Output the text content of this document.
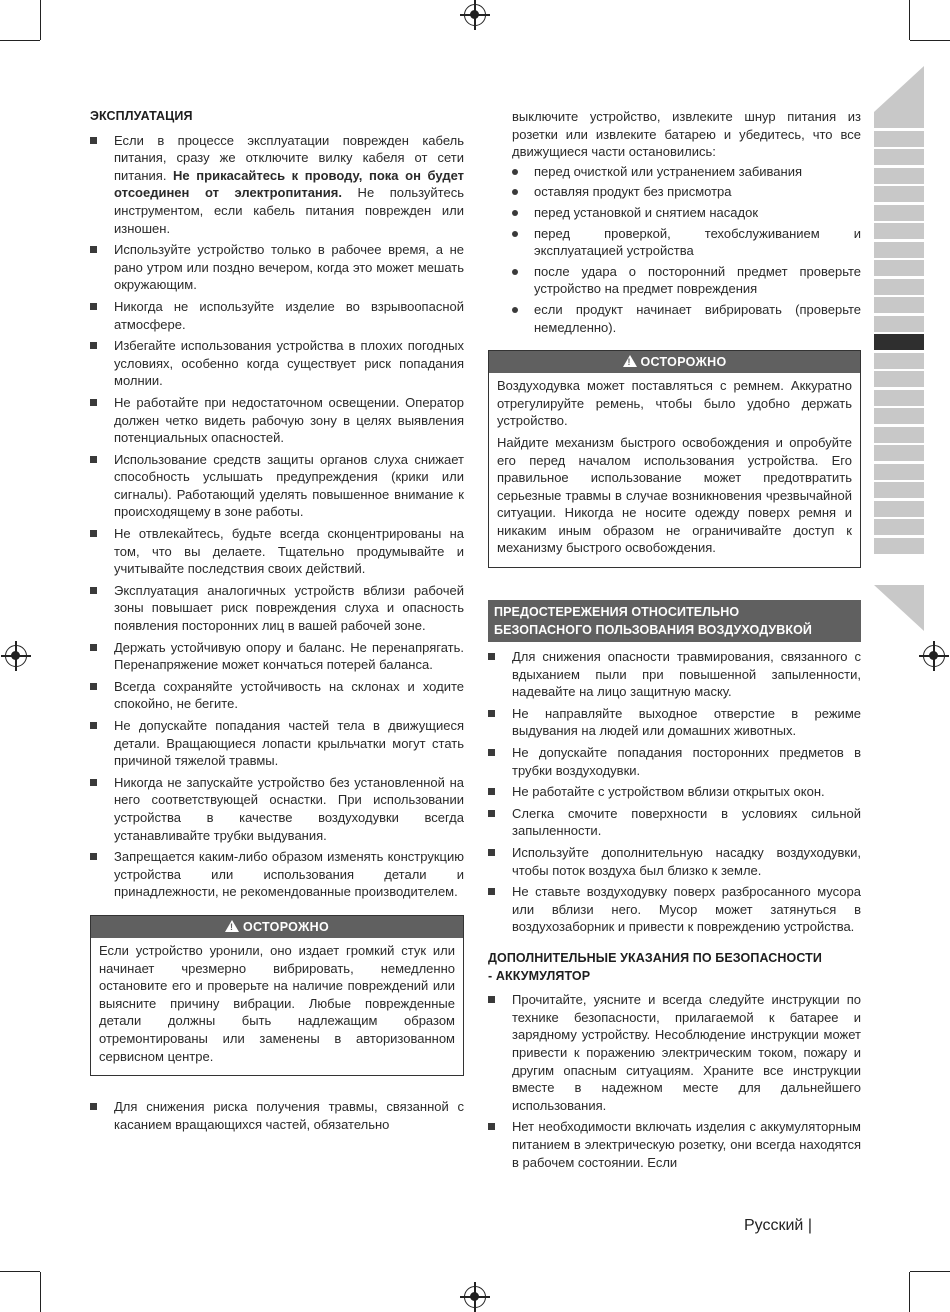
ЭКСПЛУАТАЦИЯ
Если в процессе эксплуатации поврежден кабель питания, сразу же отключите вилку кабеля от сети питания. Не прикасайтесь к проводу, пока он будет отсоединен от электропитания. Не пользуйтесь инструментом, если кабель питания поврежден или изношен.
Используйте устройство только в рабочее время, а не рано утром или поздно вечером, когда это может мешать окружающим.
Никогда не используйте изделие во взрывоопасной атмосфере.
Избегайте использования устройства в плохих погодных условиях, особенно когда существует риск попадания молнии.
Не работайте при недостаточном освещении. Оператор должен четко видеть рабочую зону в целях выявления потенциальных опасностей.
Использование средств защиты органов слуха снижает способность услышать предупреждения (крики или сигналы). Работающий уделять повышенное внимание к происходящему в зоне работы.
Не отвлекайтесь, будьте всегда сконцентрированы на том, что вы делаете. Тщательно продумывайте и учитывайте последствия своих действий.
Эксплуатация аналогичных устройств вблизи рабочей зоны повышает риск повреждения слуха и опасность появления посторонних лиц в вашей рабочей зоне.
Держать устойчивую опору и баланс. Не перенапрягать. Перенапряжение может кончаться потерей баланса.
Всегда сохраняйте устойчивость на склонах и ходите спокойно, не бегите.
Не допускайте попадания частей тела в движущиеся детали. Вращающиеся лопасти крыльчатки могут стать причиной тяжелой травмы.
Никогда не запускайте устройство без установленной на него соответствующей оснастки. При использовании устройства в качестве воздуходувки всегда устанавливайте трубки выдувания.
Запрещается каким-либо образом изменять конструкцию устройства или использования детали и принадлежности, не рекомендованные производителем.
! ОСТОРОЖНО

Если устройство уронили, оно издает громкий стук или начинает чрезмерно вибрировать, немедленно остановите его и проверьте на наличие повреждений или выясните причину вибрации. Любые поврежденные детали должны быть надлежащим образом отремонтированы или заменены в авторизованном сервисном центре.

Для снижения риска получения травмы, связанной с касанием вращающихся частей, обязательно
выключите устройство, извлеките шнур питания из розетки или извлеките батарею и убедитесь, что все движущиеся части остановились:
перед очисткой или устранением забивания
оставляя продукт без присмотра
перед установкой и снятием насадок
перед проверкой, техобслуживанием и эксплуатацией устройства
после удара о посторонний предмет проверьте устройство на предмет повреждения
если продукт начинает вибрировать (проверьте немедленно).
! ОСТОРОЖНО

Воздуходувка может поставляться с ремнем. Аккуратно отрегулируйте ремень, чтобы было удобно держать устройство.

Найдите механизм быстрого освобождения и опробуйте его перед началом использования устройства. Его правильное использование может предотвратить серьезные травмы в случае возникновения чрезвычайной ситуации. Никогда не носите одежду поверх ремня и никаким иным образом не ограничивайте доступ к механизму быстрого освобождения.

ПРЕДОСТЕРЕЖЕНИЯ ОТНОСИТЕЛЬНО
БЕЗОПАСНОГО ПОЛЬЗОВАНИЯ ВОЗДУХОДУВКОЙ
Для снижения опасности травмирования, связанного с вдыханием пыли при повышенной запыленности, надевайте на лицо защитную маску.
Не направляйте выходное отверстие в режиме выдувания на людей или домашних животных.
Не допускайте попадания посторонних предметов в трубки воздуходувки.
Не работайте с устройством вблизи открытых окон.
Слегка смочите поверхности в условиях сильной запыленности.
Используйте дополнительную насадку воздуходувки, чтобы поток воздуха был близко к земле.
Не ставьте воздуходувку поверх разбросанного мусора или вблизи него. Мусор может затянуться в воздухозаборник и привести к повреждению устройства.
ДОПОЛНИТЕЛЬНЫЕ УКАЗАНИЯ ПО БЕЗОПАСНОСТИ
- АККУМУЛЯТОР
Прочитайте, уясните и всегда следуйте инструкции по технике безопасности, прилагаемой к батарее и зарядному устройству. Несоблюдение инструкции может привести к поражению электрическим током, пожару и другим опасным ситуациям. Храните все инструкции вместе в надежном месте для дальнейшего использования.
Нет необходимости включать изделия с аккумуляторным питанием в электрическую розетку, они всегда находятся в рабочем состоянии. Если
Русский |
